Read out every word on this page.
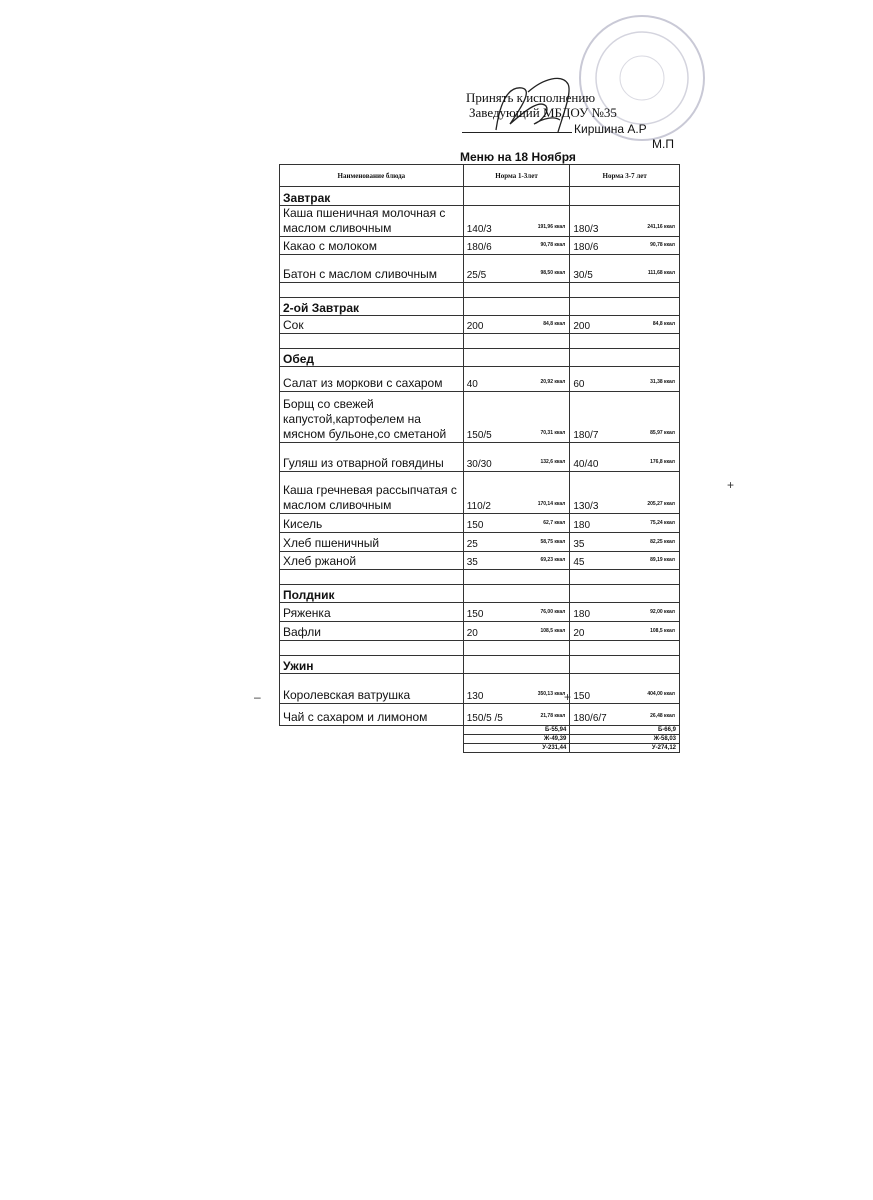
Принять к исполнению
Заведующий МБДОУ №35
Киршина А.Р
М.П
Меню на 18 Ноября
Наименование блюда	Норма 1-3лет	Норма 3-7 лет
Завтрак		
Каша пшеничная молочная с маслом сливочным	140/3 191,96 ккал	180/3 241,16 ккал

Какао с молоком	180/6 90,78 ккал	180/6 90,78 ккал

Батон с маслом сливочным	25/5 98,50 ккал	30/5 111,68 ккал

2-ой Завтрак		
Сок	200 84,8 ккал	200 84,8 ккал

Обед		
Салат из моркови с сахаром	40 20,92 ккал	60 31,38 ккал

Борщ со свежей капустой,картофелем на мясном бульоне,со сметаной	150/5 70,31 ккал	180/7 85,97 ккал

Гуляш из отварной говядины	30/30 132,6 ккал	40/40 176,8 ккал

Каша гречневая рассыпчатая с маслом сливочным	110/2 170,14 ккал	130/3 205,27 ккал

Кисель	150 62,7 ккал	180 75,24 ккал

Хлеб пшеничный	25 58,75 ккал	35 82,25 ккал

Хлеб ржаной	35 69,23 ккал	45 89,19 ккал

Полдник		
Ряженка	150 76,00 ккал	180 92,00 ккал

Вафли	20 108,5 ккал	20 108,5 ккал

Ужин		
Королевская ватрушка	130 350,13 ккал	150 404,00 ккал

Чай с сахаром и лимоном	150/5 /5 21,78 ккал	180/6/7 26,48 ккал

	Б-55,94	Б-66,9
	Ж-49,39	Ж-58,03
	У-231,44	У-274,12
–
+
+
